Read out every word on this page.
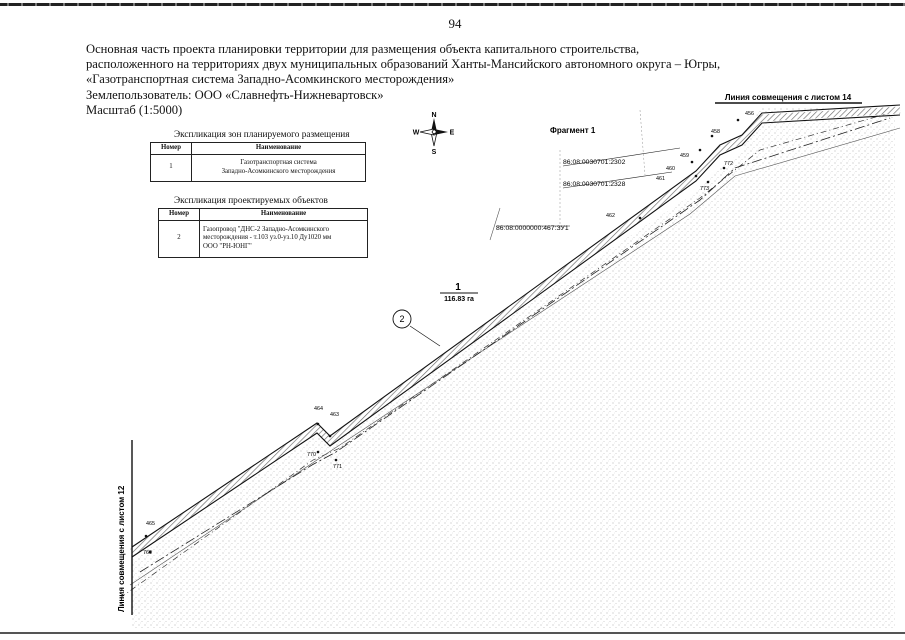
94
Основная часть проекта планировки территории для размещения объекта капитального строительства,
расположенного на территориях двух муниципальных образований Ханты-Мансийского автономного округа – Югры,
«Газотранспортная система Западно-Асомкинского месторождения»
Землепользователь: ООО «Славнефть-Нижневартовск»
Масштаб (1:5000)
Экспликация зон планируемого размещения
Номер	Наименование
1	Газотранспортная система
Западно-Асомкинского месторождения
Экспликация проектируемых объектов
Номер	Наименование
2	Газопровод "ДНС-2 Западно-Асомкинского
месторождения - т.103 уз.0-уз.10 Ду1020 мм
ООО "РН-ЮНГ"
N
S
W	E
Линия совмещения с листом 14
Линия совмещения с листом 12
Фрагмент 1
86:08:0030701:2302
86:08:0030701:2328
86:08:0000000:467:ЗУ1
1
116.83 га
2
456
458
459
460
461
462
463
464
465
769
770
771
772
773
